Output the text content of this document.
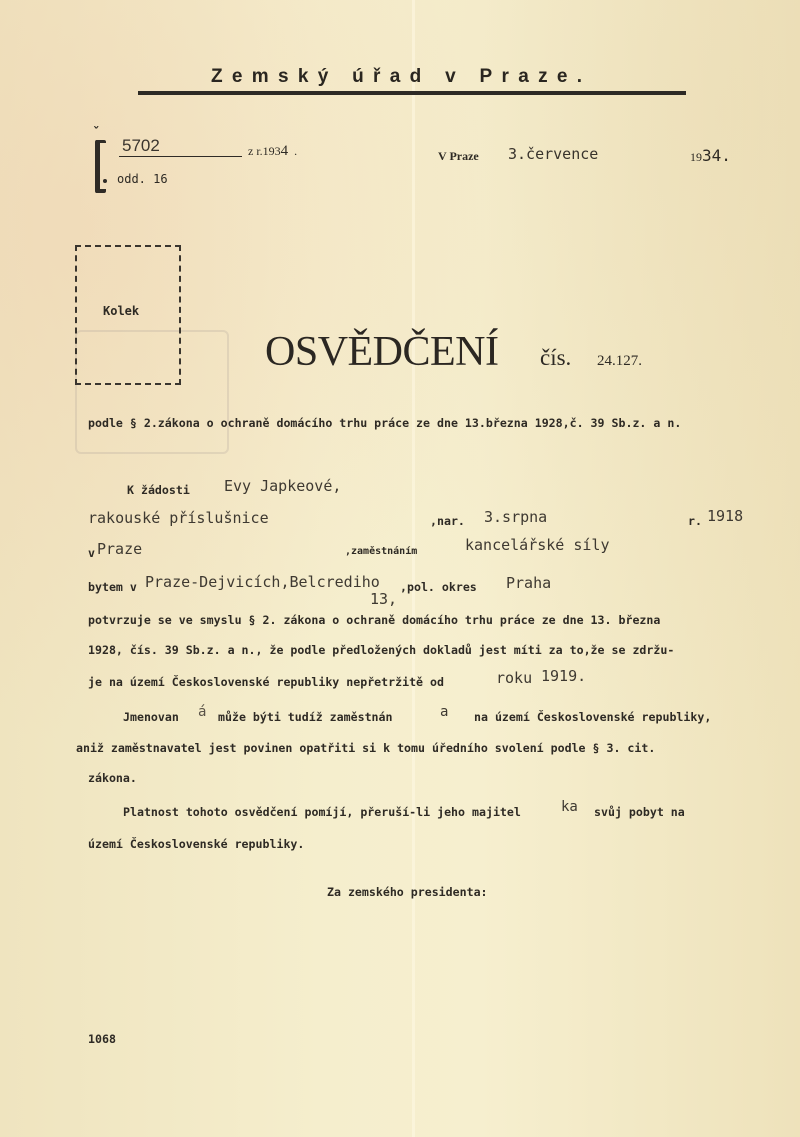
Zemský úřad v Praze.
ˇ
5702	z r.1934 .
odd. 16
V Praze 3.července	1934.
Kolek
OSVĚDČENÍ čís. 24.127.
podle § 2.zákona o ochraně domácího trhu práce ze dne 13.března 1928,č. 39 Sb.z. a n.
K žádosti Evy Japkeové,
rakouské příslušnice	,nar. 3.srpna	r. 1918
v Praze	,zaměstnáním	kancelářské síly
bytem v Praze-Dejvicích,Belcrediho ,pol. okres Praha
13,
potvrzuje se ve smyslu § 2. zákona o ochraně domácího trhu práce ze dne 13. března
1928, čís. 39 Sb.z. a n., že podle předložených dokladů jest míti za to,že se zdržu-
je na území Československé republiky nepřetržitě od	roku 1919.
Jmenovan á může býti tudíž zaměstnán	a na území Československé republiky,
aniž zaměstnavatel jest povinen opatřiti si k tomu úředního svolení podle § 3. cit.
zákona.
Platnost tohoto osvědčení pomíjí, přeruší-li jeho majitel	ka svůj pobyt na
území Československé republiky.
Za zemského presidenta:
1068
